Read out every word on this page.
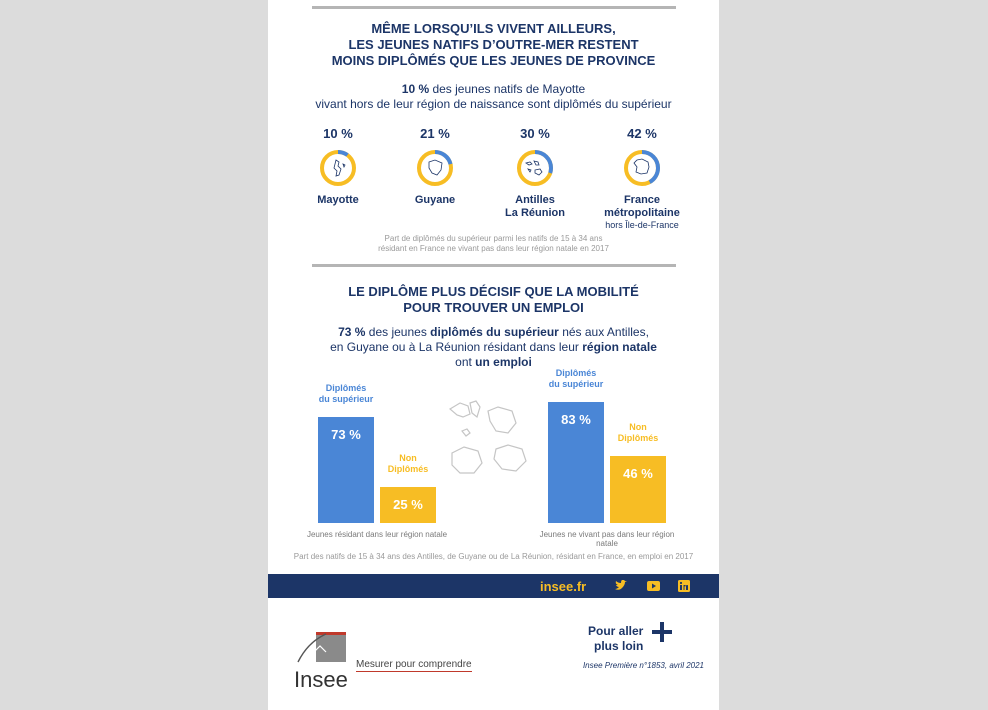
MÊME LORSQU’ILS VIVENT AILLEURS,
LES JEUNES NATIFS D’OUTRE-MER RESTENT
MOINS DIPLÔMÉS QUE LES JEUNES DE PROVINCE
10 % des jeunes natifs de Mayotte
vivant hors de leur région de naissance sont diplômés du supérieur
10 %
Mayotte
21 %
Guyane
30 %
Antilles
La Réunion
42 %
France
métropolitaine
hors Île-de-France
Part de diplômés du supérieur parmi les natifs de 15 à 34 ans
résidant en France ne vivant pas dans leur région natale en 2017
LE DIPLÔME PLUS DÉCISIF QUE LA MOBILITÉ
POUR TROUVER UN EMPLOI
73 % des jeunes diplômés du supérieur nés aux Antilles,
en Guyane ou à La Réunion résidant dans leur région natale
ont un emploi
73 %
Diplômés
du supérieur
25 %
Non
Diplômés
Jeunes résidant dans leur région natale
83 %
Diplômés
du supérieur
46 %
Non
Diplômés
Jeunes ne vivant pas dans leur région natale
Part des natifs de 15 à 34 ans des Antilles, de Guyane ou de La Réunion, résidant en France, en emploi en 2017
insee.fr
Insee
Mesurer pour comprendre
Pour aller
plus loin
Insee Première n°1853, avril 2021
